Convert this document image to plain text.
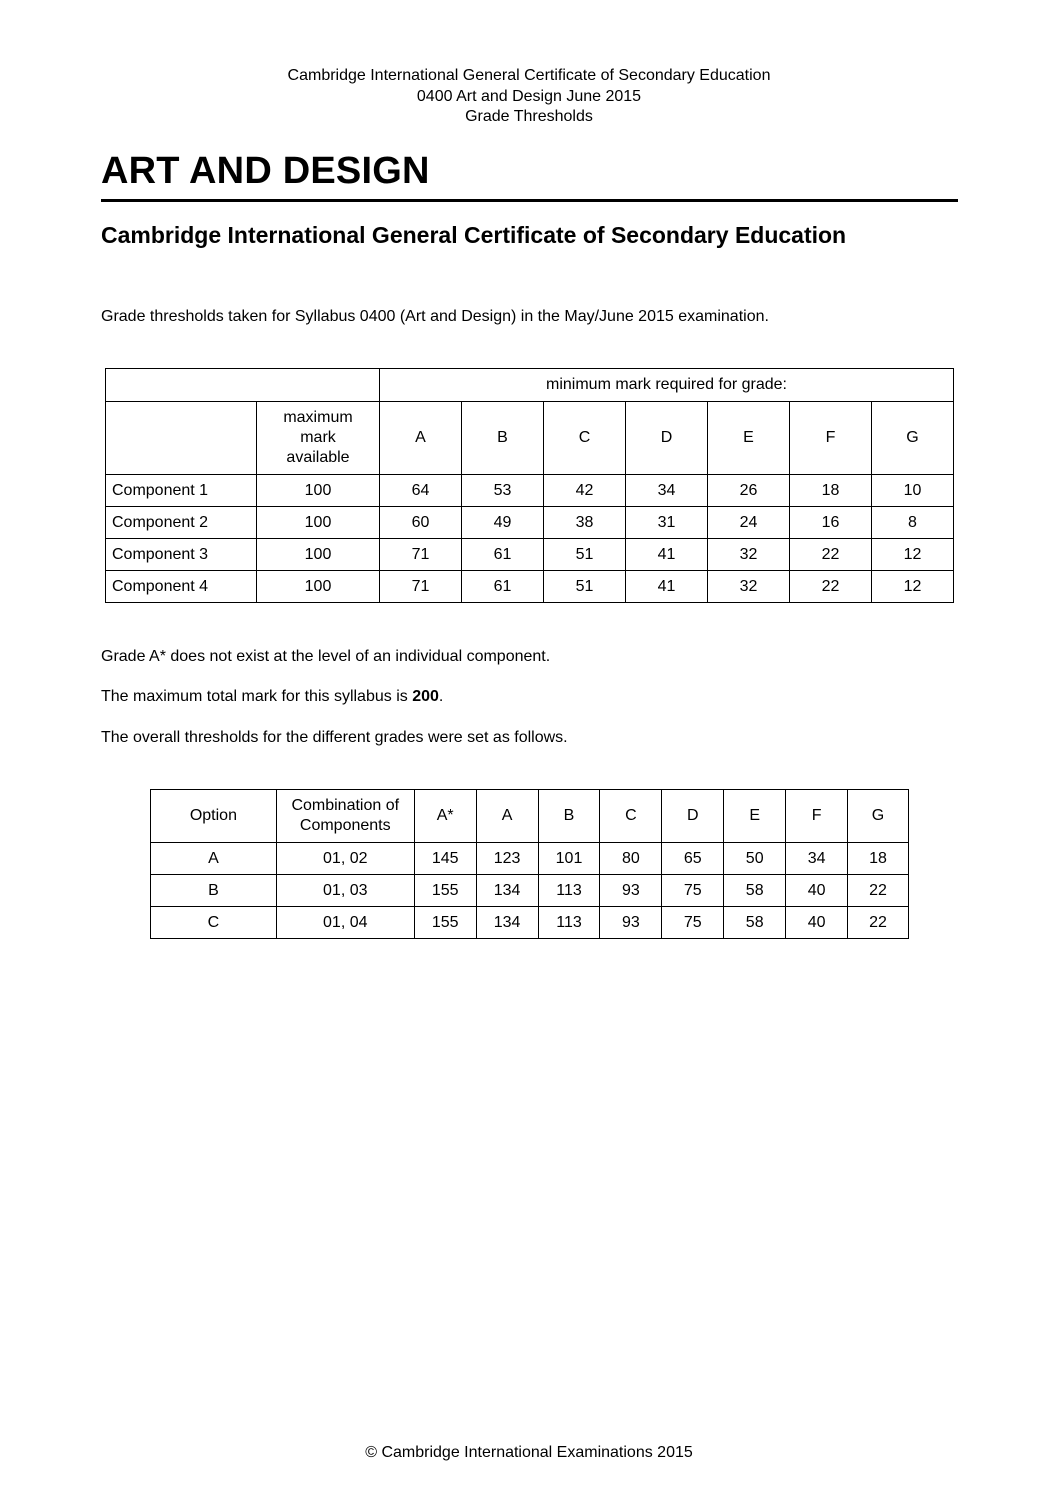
Cambridge International General Certificate of Secondary Education
0400 Art and Design June 2015
Grade Thresholds
ART AND DESIGN
Cambridge International General Certificate of Secondary Education

Grade thresholds taken for Syllabus 0400 (Art and Design) in the May/June 2015 examination.

		minimum mark required for grade:						

	maximum
mark
available	A	B	C	D	E	F	G
Component 1	100	64	53	42	34	26	18	10
Component 2	100	60	49	38	31	24	16	8
Component 3	100	71	61	51	41	32	22	12
Component 4	100	71	61	51	41	32	22	12

Grade A* does not exist at the level of an individual component.

The maximum total mark for this syllabus is 200.

The overall thresholds for the different grades were set as follows.

Option	Combination of
Components	A*	A	B	C	D	E	F	G
A	01, 02	145	123	101	80	65	50	34	18
B	01, 03	155	134	113	93	75	58	40	22
C	01, 04	155	134	113	93	75	58	40	22
© Cambridge International Examinations 2015
